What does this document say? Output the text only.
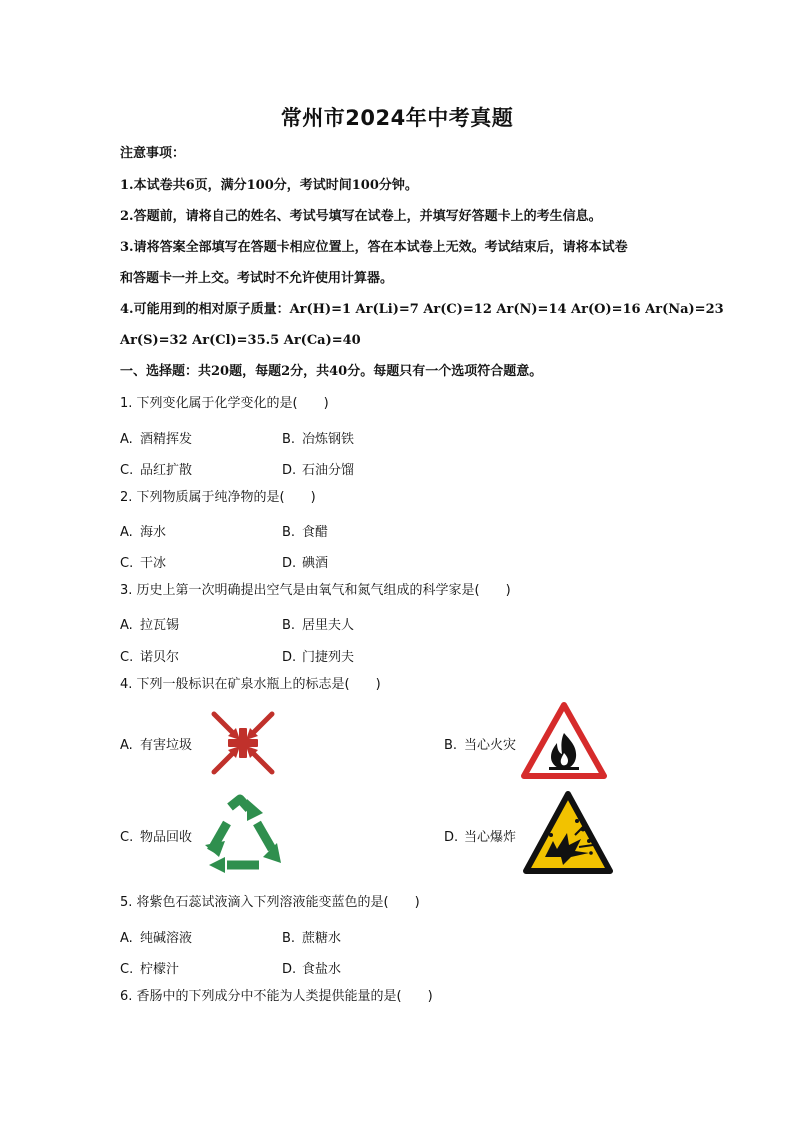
常州市2024年中考真题
注意事项：
1.本试卷共6页，满分100分，考试时间100分钟。
2.答题前，请将自己的姓名、考试号填写在试卷上，并填写好答题卡上的考生信息。
3.请将答案全部填写在答题卡相应位置上，答在本试卷上无效。考试结束后，请将本试卷
和答题卡一并上交。考试时不允许使用计算器。
4.可能用到的相对原子质量：Ar(H)=1 Ar(Li)=7 Ar(C)=12 Ar(N)=14 Ar(O)=16 Ar(Na)=23
Ar(S)=32 Ar(Cl)=35.5 Ar(Ca)=40
一、选择题：共20题，每题2分，共40分。每题只有一个选项符合题意。
1. 下列变化属于化学变化的是(　　)
A. 酒精挥发	B. 冶炼钢铁
C. 品红扩散	D. 石油分馏
2. 下列物质属于纯净物的是(　　)
A. 海水	B. 食醋
C. 干冰	D. 碘酒
3. 历史上第一次明确提出空气是由氧气和氮气组成的科学家是(　　)
A. 拉瓦锡	B. 居里夫人
C. 诺贝尔	D. 门捷列夫
4. 下列一般标识在矿泉水瓶上的标志是(　　)
A. 有害垃圾	B. 当心火灾
C. 物品回收	D. 当心爆炸
5. 将紫色石蕊试液滴入下列溶液能变蓝色的是(　　)
A. 纯碱溶液	B. 蔗糖水
C. 柠檬汁	D. 食盐水
6. 香肠中的下列成分中不能为人类提供能量的是(　　)
